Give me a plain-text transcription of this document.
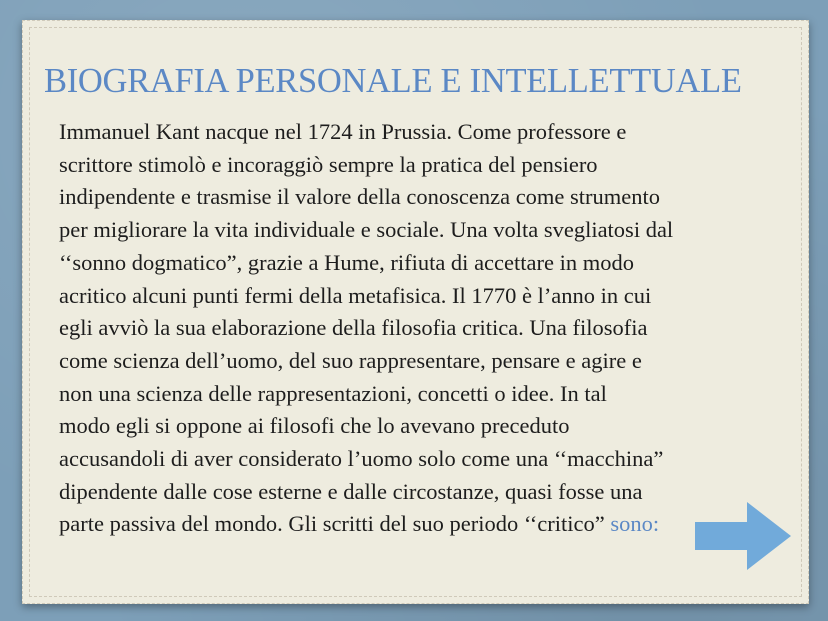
BIOGRAFIA PERSONALE E INTELLETTUALE
Immanuel Kant nacque nel 1724 in Prussia. Come professore e
scrittore stimolò e incoraggiò sempre la pratica del pensiero
indipendente e trasmise il valore della conoscenza come strumento
per migliorare la vita individuale e sociale. Una volta svegliatosi dal
‘‘sonno dogmatico”, grazie a Hume, rifiuta di accettare in modo
acritico alcuni punti fermi della metafisica. Il 1770 è l’anno in cui
egli avviò la sua elaborazione della filosofia critica. Una filosofia
come scienza dell’uomo, del suo rappresentare, pensare e agire e
non una scienza delle rappresentazioni, concetti o idee. In tal
modo egli si oppone ai filosofi che lo avevano preceduto
accusandoli di aver considerato l’uomo solo come una ‘‘macchina”
dipendente dalle cose esterne e dalle circostanze, quasi fosse una
parte passiva del mondo. Gli scritti del suo periodo ‘‘critico” sono:
